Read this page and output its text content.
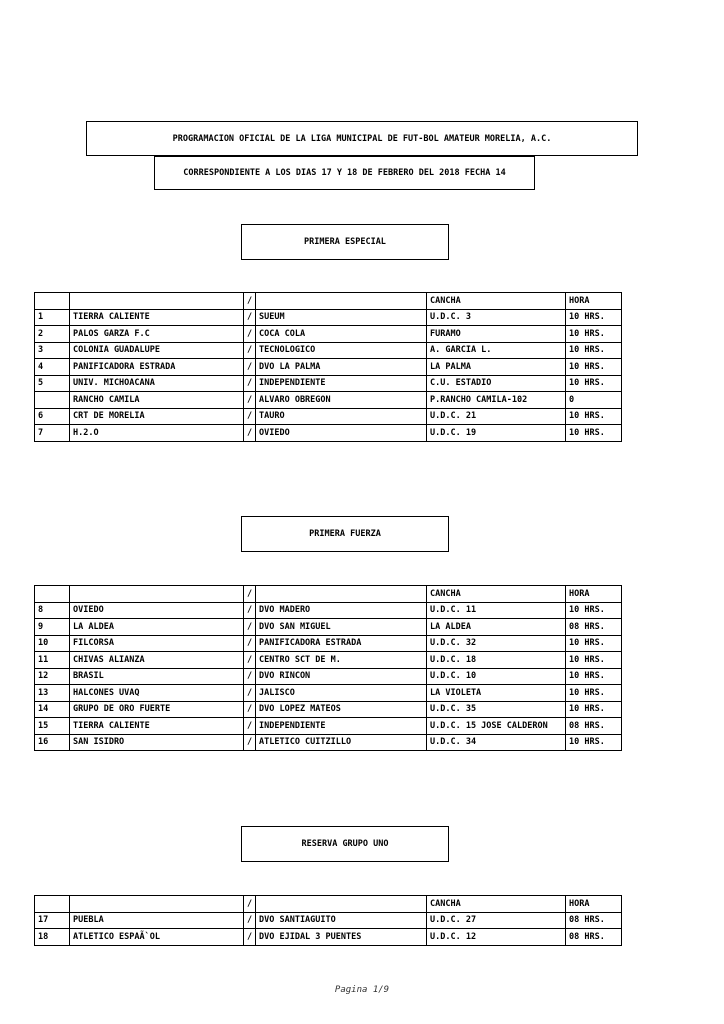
PROGRAMACION OFICIAL DE LA LIGA MUNICIPAL DE FUT-BOL AMATEUR MORELIA, A.C.
CORRESPONDIENTE A LOS DIAS 17 Y 18 DE FEBRERO DEL 2018 FECHA 14
PRIMERA ESPECIAL
		/		CANCHA	HORA
1	TIERRA CALIENTE	/	SUEUM	U.D.C. 3	10 HRS.
2	PALOS GARZA F.C	/	COCA COLA	FURAMO	10 HRS.
3	COLONIA GUADALUPE	/	TECNOLOGICO	A. GARCIA L.	10 HRS.
4	PANIFICADORA ESTRADA	/	DVO LA PALMA	LA PALMA	10 HRS.
5	UNIV. MICHOACANA	/	INDEPENDIENTE	C.U. ESTADIO	10 HRS.
	RANCHO CAMILA	/	ALVARO OBREGON	P.RANCHO CAMILA-102	0
6	CRT DE MORELIA	/	TAURO	U.D.C. 21	10 HRS.
7	H.2.O	/	OVIEDO	U.D.C. 19	10 HRS.
PRIMERA FUERZA
		/		CANCHA	HORA
8	OVIEDO	/	DVO MADERO	U.D.C. 11	10 HRS.
9	LA ALDEA	/	DVO SAN MIGUEL	LA ALDEA	08 HRS.
10	FILCORSA	/	PANIFICADORA ESTRADA	U.D.C. 32	10 HRS.
11	CHIVAS ALIANZA	/	CENTRO SCT DE M.	U.D.C. 18	10 HRS.
12	BRASIL	/	DVO RINCON	U.D.C. 10	10 HRS.
13	HALCONES UVAQ	/	JALISCO	LA VIOLETA	10 HRS.
14	GRUPO DE ORO FUERTE	/	DVO LOPEZ MATEOS	U.D.C. 35	10 HRS.
15	TIERRA CALIENTE	/	INDEPENDIENTE	U.D.C. 15 JOSE CALDERON	08 HRS.
16	SAN ISIDRO	/	ATLETICO CUITZILLO	U.D.C. 34	10 HRS.
RESERVA GRUPO UNO
		/		CANCHA	HORA
17	PUEBLA	/	DVO SANTIAGUITO	U.D.C. 27	08 HRS.
18	ATLETICO ESPAÃ`OL	/	DVO EJIDAL 3 PUENTES	U.D.C. 12	08 HRS.
Pagina 1/9
